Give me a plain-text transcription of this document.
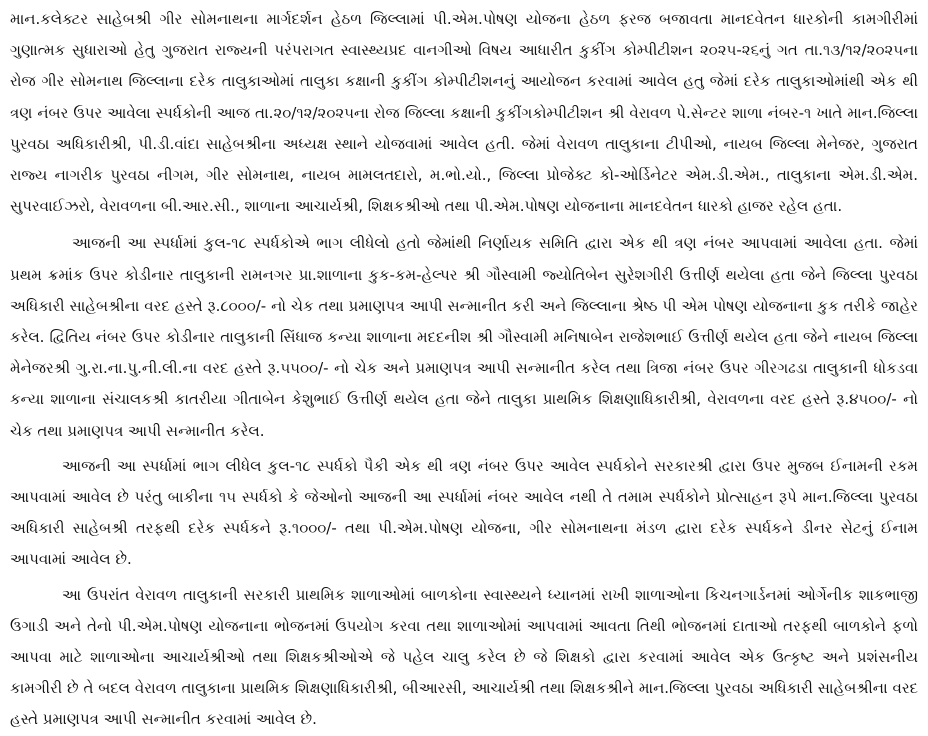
માન.કલેક્ટર સાહેબશ્રી ગીર સોમનાથના માર્ગદર્શન હેઠળ જિલ્લામાં પી.એમ.પોષણ યોજના હેઠળ ફરજ બજાવતા માનદવેતન ધારકોની કામગીરીમાં ગુણાત્મક સુધારાઓ હેતુ ગુજરાત રાજ્યની પરંપરાગત સ્વાસ્થ્યપ્રદ વાનગીઓ વિષય આધારીત કુકીંગ કોમ્પીટીશન ૨૦૨૫-૨૬નું ગત તા.૧૩/૧૨/૨૦૨૫ના રોજ ગીર સોમનાથ જિલ્લાના દરેક તાલુકાઓમાં તાલુકા કક્ષાની કુકીંગ કોમ્પીટીશનનું આયોજન કરવામાં આવેલ હતુ જેમાં દરેક તાલુકાઓમાંથી એક થી ત્રણ નંબર ઉપર આવેલા સ્પર્ધકોની આજ તા.૨૦/૧૨/૨૦૨૫ના રોજ જિલ્લા કક્ષાની કુકીંગકોમ્પીટીશન શ્રી વેરાવળ પે.સેન્ટર શાળા નંબર-૧ ખાતે માન.જિલ્લા પુરવઠા અધિકારીશ્રી, પી.ડી.વાંદા સાહેબશ્રીના અધ્યક્ષ સ્થાને યોજવામાં આવેલ હતી. જેમાં વેરાવળ તાલુકાના ટીપીઓ, નાયબ જિલ્લા મેનેજર, ગુજરાત રાજ્ય નાગરીક પુરવઠા નીગમ, ગીર સોમનાથ, નાયબ મામલતદારો, મ.ભો.યો., જિલ્લા પ્રોજેક્ટ કો-ઓર્ડિનેટર એમ.ડી.એમ., તાલુકાના એમ.ડી.એમ. સુપરવાઈઝરો, વેરાવળના બી.આર.સી., શાળાના આચાર્યશ્રી, શિક્ષકશ્રીઓ તથા પી.એમ.પોષણ યોજનાના માનદવેતન ધારકો હાજર રહેલ હતા.

આજની આ સ્પર્ધામાં કુલ-૧૮ સ્પર્ધકોએ ભાગ લીધેલો હતો જેમાંથી નિર્ણાયક સમિતિ દ્વારા એક થી ત્રણ નંબર આપવામાં આવેલા હતા. જેમાં પ્રથમ ક્રમાંક ઉપર કોડીનાર તાલુકાની રામનગર પ્રા.શાળાના કુક-કમ-હેલ્પર શ્રી ગૌસ્વામી જ્યોતિબેન સુરેશગીરી ઉત્તીર્ણ થયેલા હતા જેને જિલ્લા પુરવઠા અધિકારી સાહેબશ્રીના વરદ હસ્તે રૂ.૮૦૦૦/- નો ચેક તથા પ્રમાણપત્ર આપી સન્માનીત કરી અને જિલ્લાના શ્રેષ્ઠ પી એમ પોષણ યોજનાના કુક તરીકે જાહેર કરેલ. દ્વિતિય નંબર ઉપર કોડીનાર તાલુકાની સિંધાજ કન્યા શાળાના મદદનીશ શ્રી ગૌસ્વામી મનિષાબેન રાજેશભાઈ ઉત્તીર્ણ થયેલ હતા જેને નાયબ જિલ્લા મેનેજરશ્રી ગુ.રા.ના.પુ.ની.લી.ના વરદ હસ્તે રૂ.૫૫૦૦/- નો ચેક અને પ્રમાણપત્ર આપી સન્માનીત કરેલ તથા ત્રિજા નંબર ઉપર ગીરગઢડા તાલુકાની ધોકડવા કન્યા શાળાના સંચાલકશ્રી કાતરીયા ગીતાબેન કેશુભાઈ ઉત્તીર્ણ થયેલ હતા જેને તાલુકા પ્રાથમિક શિક્ષણાધિકારીશ્રી, વેરાવળના વરદ હસ્તે રૂ.૪૫૦૦/- નો ચેક તથા પ્રમાણપત્ર આપી સન્માનીત કરેલ.

આજની આ સ્પર્ધામાં ભાગ લીધેલ કુલ-૧૮ સ્પર્ધકો પૈકી એક થી ત્રણ નંબર ઉપર આવેલ સ્પર્ધકોને સરકારશ્રી દ્વારા ઉપર મુજબ ઈનામની રકમ આપવામાં આવેલ છે પરંતુ બાકીના ૧૫ સ્પર્ધકો કે જેઓનો આજની આ સ્પર્ધામાં નંબર આવેલ નથી તે તમામ સ્પર્ધકોને પ્રોત્સાહન રૂપે માન.જિલ્લા પુરવઠા અધિકારી સાહેબશ્રી તરફથી દરેક સ્પર્ધકને રૂ.૧૦૦૦/- તથા પી.એમ.પોષણ યોજના, ગીર સોમનાથના મંડળ દ્વારા દરેક સ્પર્ધકને ડીનર સેટનું ઈનામ આપવામાં આવેલ છે.

આ ઉપરાંત વેરાવળ તાલુકાની સરકારી પ્રાથમિક શાળાઓમાં બાળકોના સ્વાસ્થ્યને ધ્યાનમાં રાખી શાળાઓના કિચનગાર્ડનમાં ઓર્ગેનીક શાકભાજી ઉગાડી અને તેનો પી.એમ.પોષણ યોજનાના ભોજનમાં ઉપયોગ કરવા તથા શાળાઓમાં આપવામાં આવતા તિથી ભોજનમાં દાતાઓ તરફથી બાળકોને ફળો આપવા માટે શાળાઓના આચાર્યશ્રીઓ તથા શિક્ષકશ્રીઓએ જે પહેલ ચાલુ કરેલ છે જે શિક્ષકો દ્વારા કરવામાં આવેલ એક ઉત્કૃષ્ટ અને પ્રશંસનીય કામગીરી છે તે બદલ વેરાવળ તાલુકાના પ્રાથમિક શિક્ષણાધિકારીશ્રી, બીઆરસી, આચાર્યશ્રી તથા શિક્ષકશ્રીને માન.જિલ્લા પુરવઠા અધિકારી સાહેબશ્રીના વરદ હસ્તે પ્રમાણપત્ર આપી સન્માનીત કરવામાં આવેલ છે.
